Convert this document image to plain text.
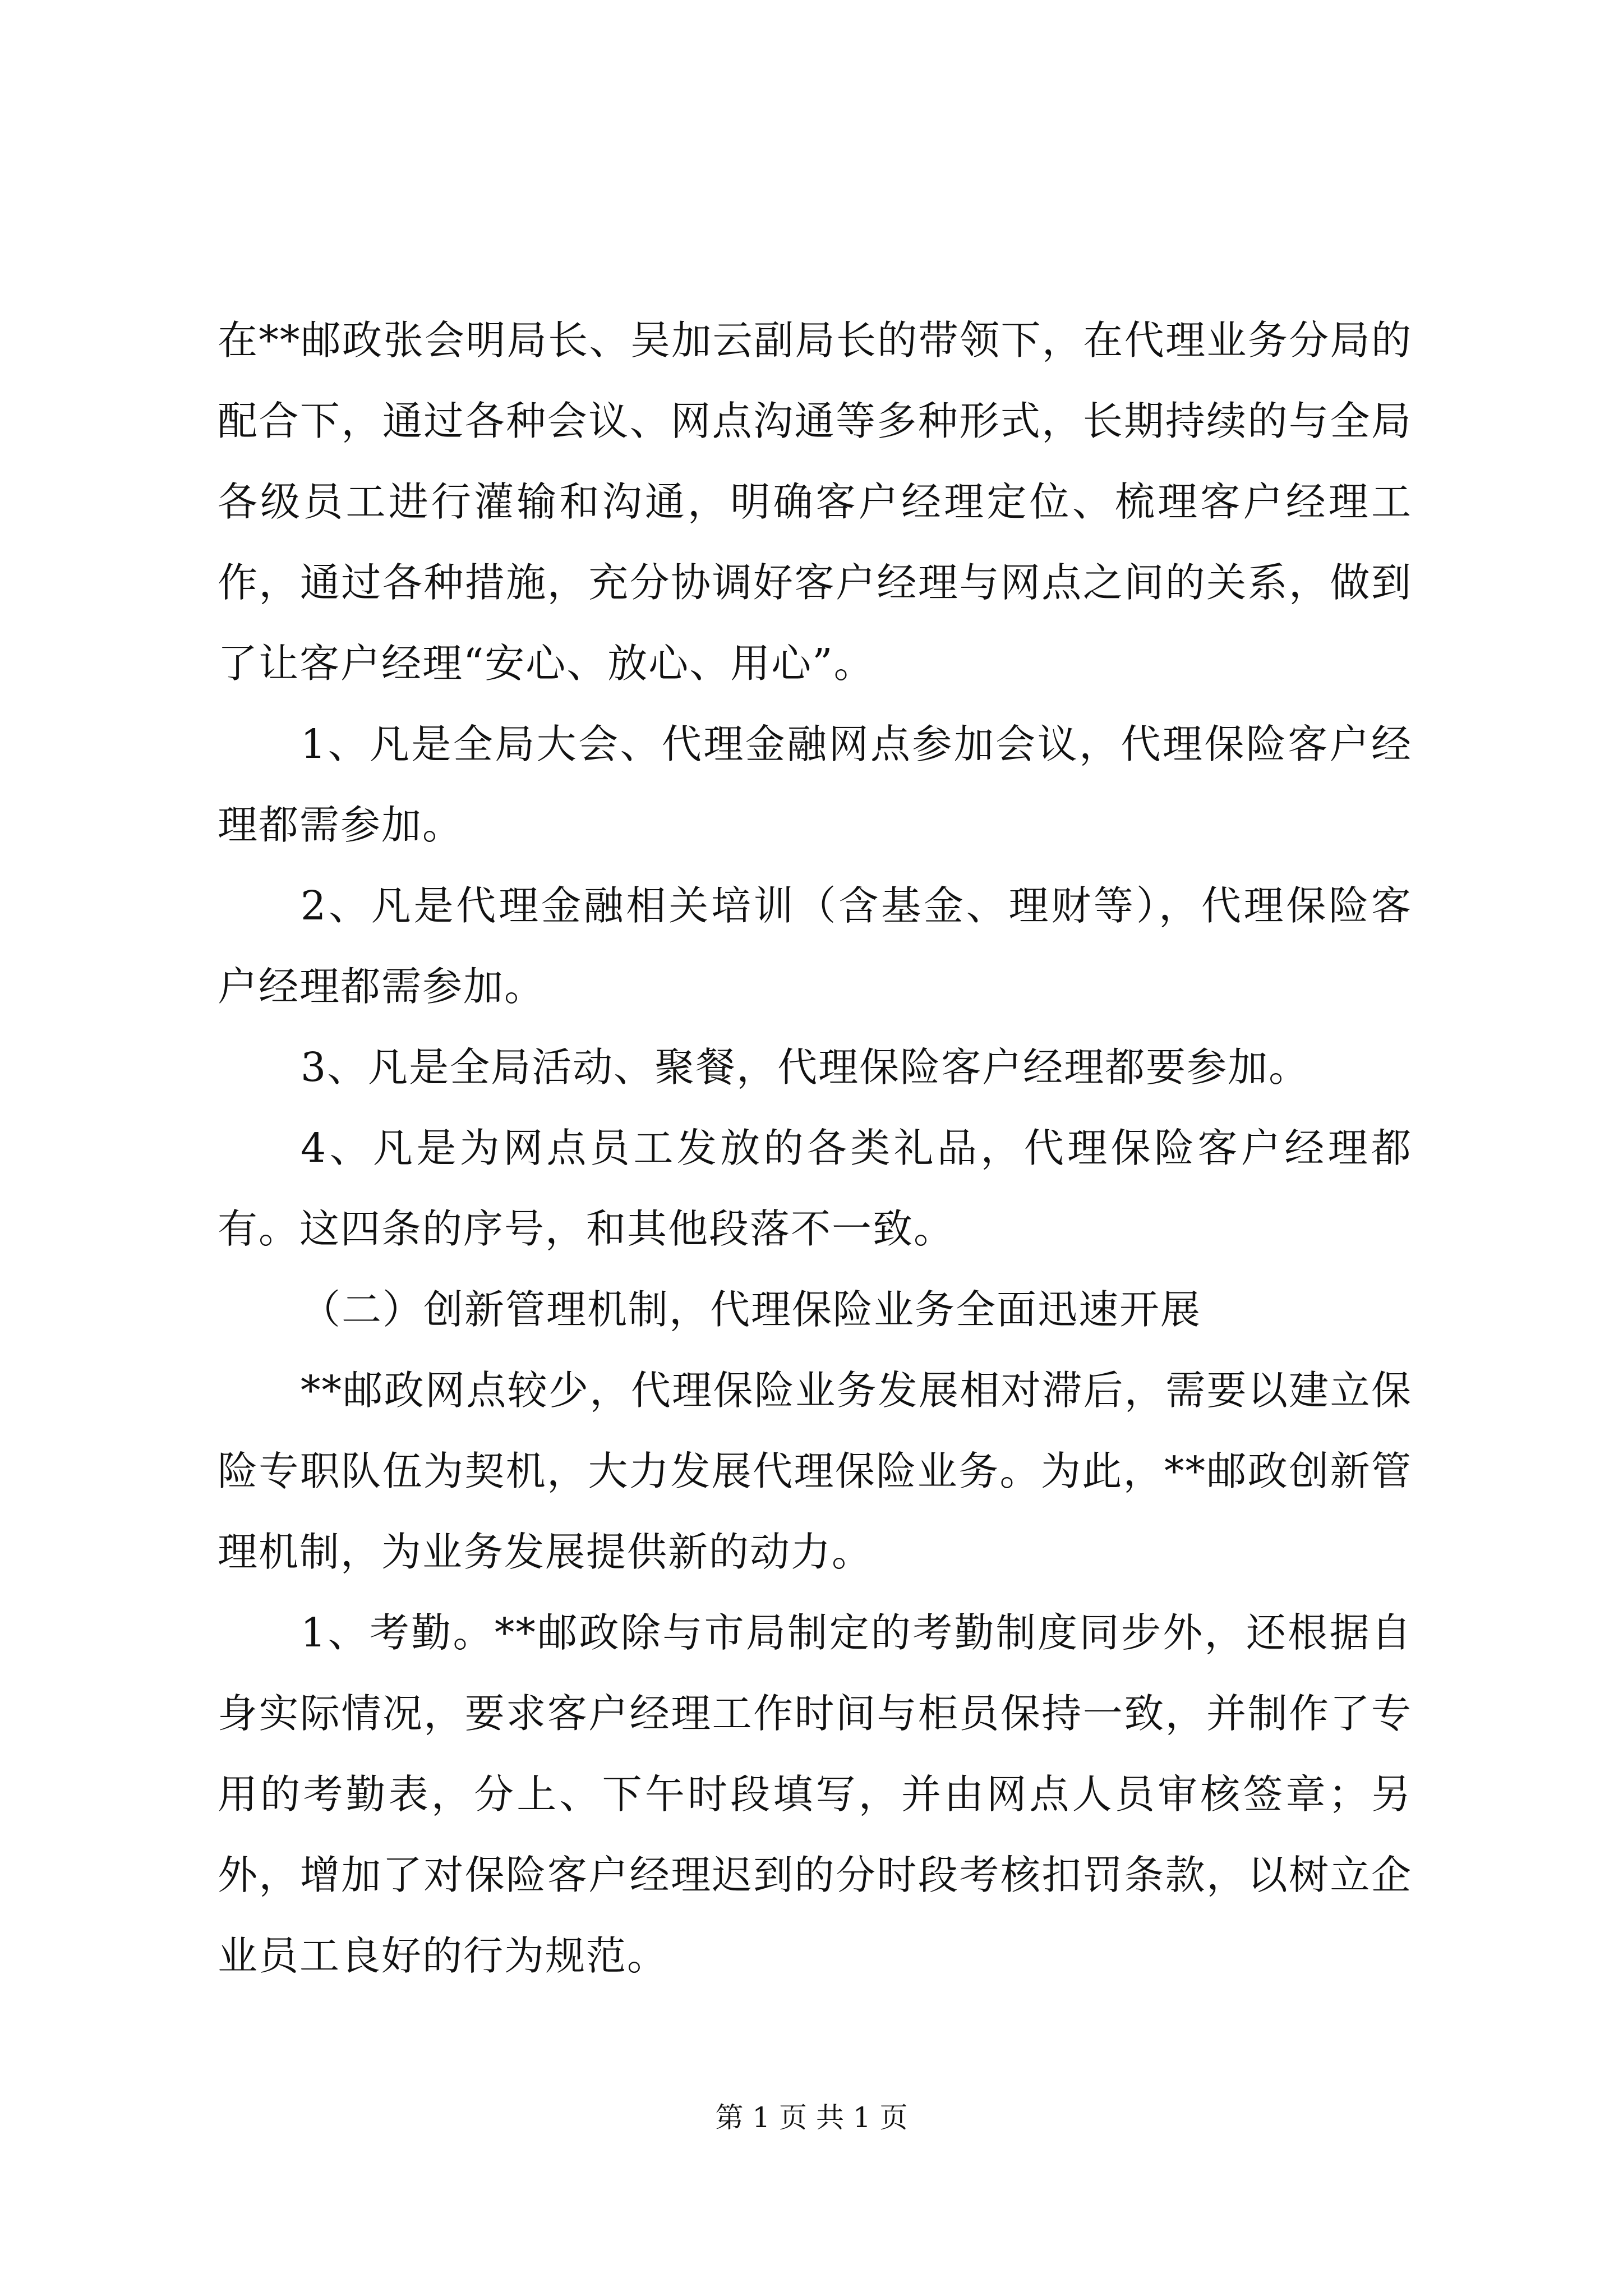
在**邮政张会明局长、吴加云副局长的带领下，在代理业务分局的配合下，通过各种会议、网点沟通等多种形式，长期持续的与全局各级员工进行灌输和沟通，明确客户经理定位、梳理客户经理工作，通过各种措施，充分协调好客户经理与网点之间的关系，做到了让客户经理“安心、放心、用心”。

1、凡是全局大会、代理金融网点参加会议，代理保险客户经理都需参加。

2、凡是代理金融相关培训（含基金、理财等），代理保险客户经理都需参加。

3、凡是全局活动、聚餐，代理保险客户经理都要参加。

4、凡是为网点员工发放的各类礼品，代理保险客户经理都有。这四条的序号，和其他段落不一致。

（二）创新管理机制，代理保险业务全面迅速开展

**邮政网点较少，代理保险业务发展相对滞后，需要以建立保险专职队伍为契机，大力发展代理保险业务。为此，**邮政创新管理机制，为业务发展提供新的动力。

1、考勤。**邮政除与市局制定的考勤制度同步外，还根据自身实际情况，要求客户经理工作时间与柜员保持一致，并制作了专用的考勤表，分上、下午时段填写，并由网点人员审核签章；另外，增加了对保险客户经理迟到的分时段考核扣罚条款，以树立企业员工良好的行为规范。

第 1 页 共 1 页
